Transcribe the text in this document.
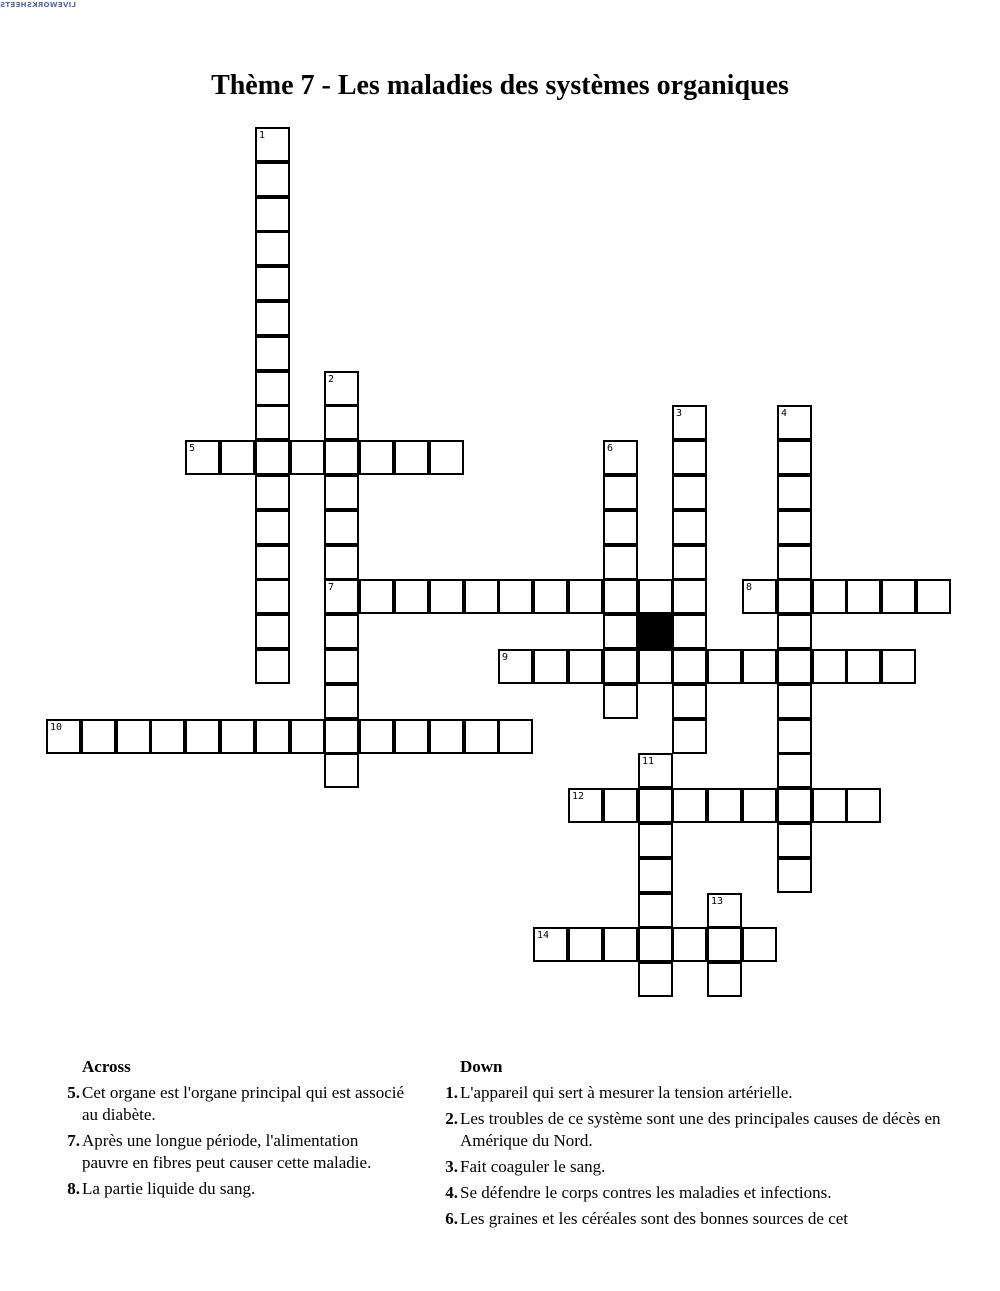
LIVEWORKSHEETS
Thème 7 - Les maladies des systèmes organiques
1
2
7
3	4
5	6
8
9
10
11
12
13
14
Across
5. Cet organe est l'organe principal qui est associé au diabète.
7. Après une longue période, l'alimentation pauvre en fibres peut causer cette maladie.
8. La partie liquide du sang.
Down
1. L'appareil qui sert à mesurer la tension artérielle.
2. Les troubles de ce système sont une des principales causes de décès en Amérique du Nord.
3. Fait coaguler le sang.
4. Se défendre le corps contres les maladies et infections.
6. Les graines et les céréales sont des bonnes sources de cet
